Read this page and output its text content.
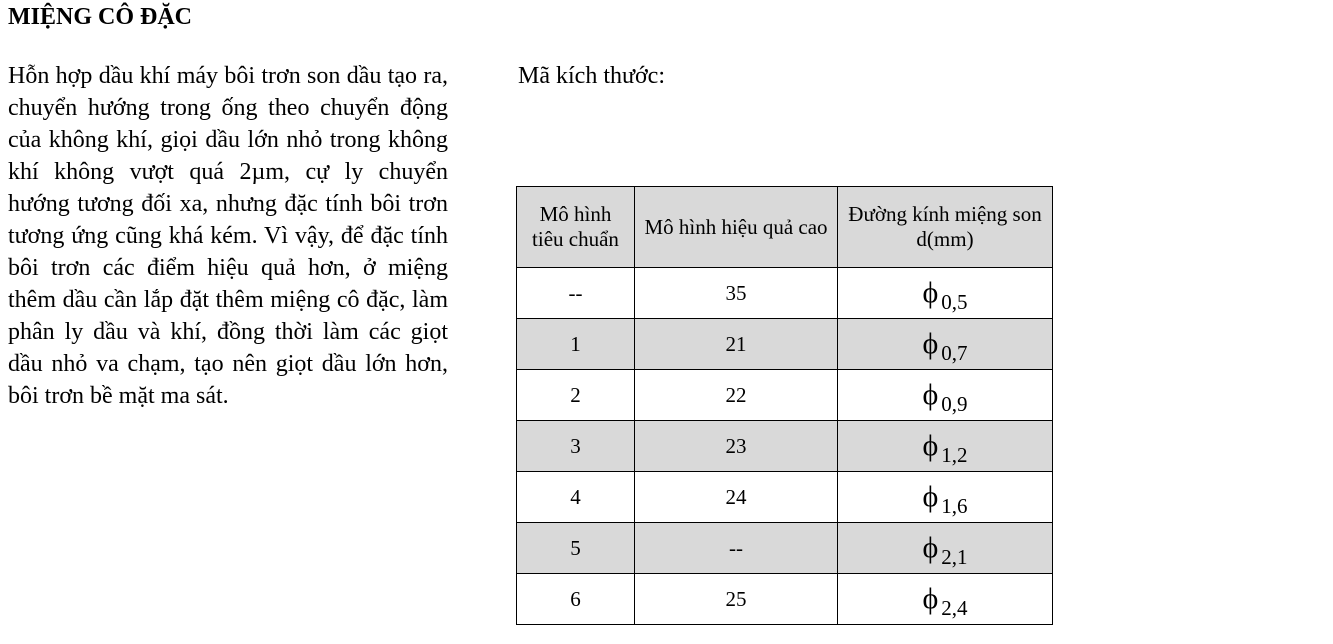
MIỆNG CÔ ĐẶC

Hỗn hợp dầu khí máy bôi trơn son dầu tạo ra, chuyển hướng trong ống theo chuyển động của không khí, giọi dầu lớn nhỏ trong không khí không vượt quá 2µm, cự ly chuyển hướng tương đối xa, nhưng đặc tính bôi trơn tương ứng cũng khá kém. Vì vậy, để đặc tính bôi trơn các điểm hiệu quả hơn, ở miệng thêm dầu cần lắp đặt thêm miệng cô đặc, làm phân ly dầu và khí, đồng thời làm các giọt dầu nhỏ va chạm, tạo nên giọt dầu lớn hơn, bôi trơn bề mặt ma sát.

Mã kích thước:
Mô hình tiêu chuẩn	Mô hình hiệu quả cao	Đường kính miệng son d(mm)
--	35	ϕ 0,5
1	21	ϕ 0,7
2	22	ϕ 0,9
3	23	ϕ 1,2
4	24	ϕ 1,6
5	--	ϕ 2,1
6	25	ϕ 2,4
